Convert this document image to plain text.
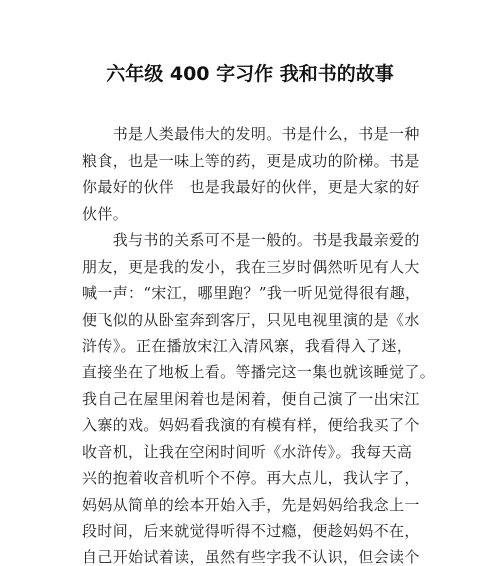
六年级 400 字习作 我和书的故事
　　书是人类最伟大的发明。书是什么，书是一种
粮食，也是一味上等的药，更是成功的阶梯。书是
你最好的伙伴　也是我最好的伙伴，更是大家的好
伙伴。
　　我与书的关系可不是一般的。书是我最亲爱的
朋友，更是我的发小，我在三岁时偶然听见有人大
喊一声：“宋江，哪里跑？”我一听见觉得很有趣，
便飞似的从卧室奔到客厅，只见电视里演的是《水
浒传》。正在播放宋江入清风寨，我看得入了迷，
直接坐在了地板上看。等播完这一集也就该睡觉了。
我自己在屋里闲着也是闲着，便自己演了一出宋江
入寨的戏。妈妈看我演的有模有样，便给我买了个
收音机，让我在空闲时间听《水浒传》。我每天高
兴的抱着收音机听个不停。再大点儿，我认字了，
妈妈从简单的绘本开始入手，先是妈妈给我念上一
段时间，后来就觉得听得不过瘾，便趁妈妈不在，
自己开始试着读，虽然有些字我不认识，但会读个
